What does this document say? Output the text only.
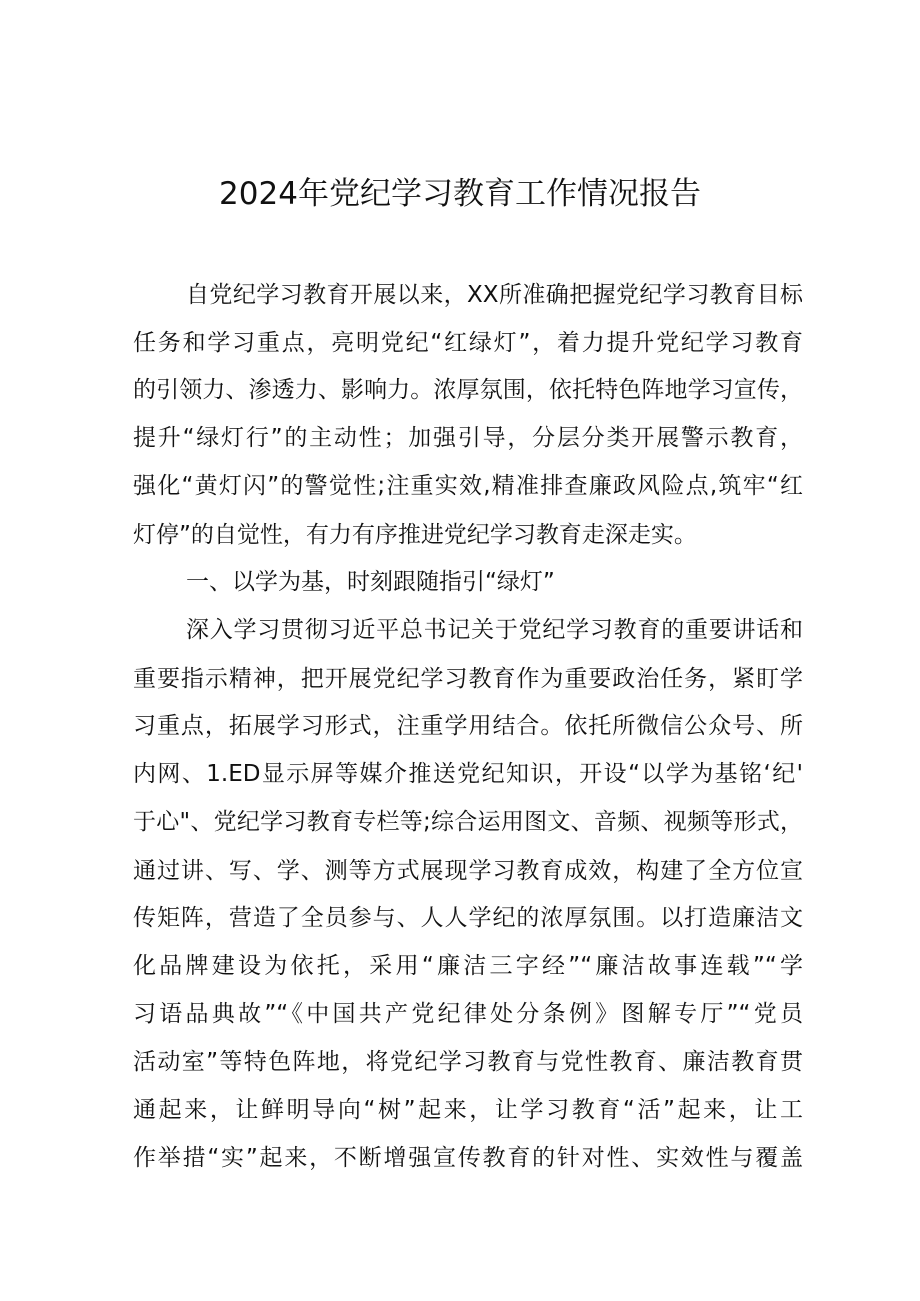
2024年党纪学习教育工作情况报告
自党纪学习教育开展以来，XX所准确把握党纪学习教育目标
任务和学习重点，亮明党纪“红绿灯”，着力提升党纪学习教育
的引领力、渗透力、影响力。浓厚氛围，依托特色阵地学习宣传，
提升“绿灯行”的主动性；加强引导，分层分类开展警示教育，
强化“黄灯闪”的警觉性;注重实效,精准排查廉政风险点,筑牢“红
灯停”的自觉性，有力有序推进党纪学习教育走深走实。
一、以学为基，时刻跟随指引“绿灯”
深入学习贯彻习近平总书记关于党纪学习教育的重要讲话和
重要指示精神，把开展党纪学习教育作为重要政治任务，紧盯学
习重点，拓展学习形式，注重学用结合。依托所微信公众号、所
内网、1.ED显示屏等媒介推送党纪知识，开设“以学为基铭‘纪'
于心"、党纪学习教育专栏等;综合运用图文、音频、视频等形式，
通过讲、写、学、测等方式展现学习教育成效，构建了全方位宣
传矩阵，营造了全员参与、人人学纪的浓厚氛围。以打造廉洁文
化品牌建设为依托，采用“廉洁三字经”“廉洁故事连载”“学
习语品典故”“《中国共产党纪律处分条例》图解专厅”“党员
活动室”等特色阵地，将党纪学习教育与党性教育、廉洁教育贯
通起来，让鲜明导向“树”起来，让学习教育“活”起来，让工
作举措“实”起来，不断增强宣传教育的针对性、实效性与覆盖
